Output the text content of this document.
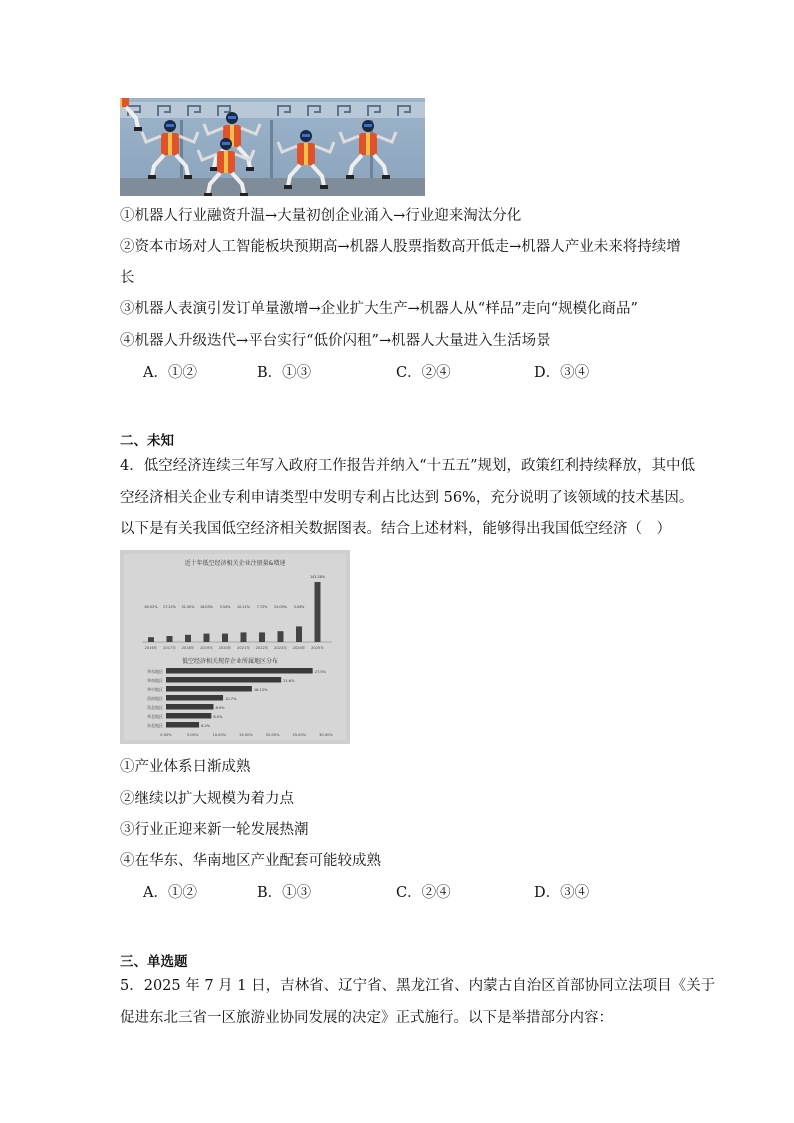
①机器人行业融资升温→大量初创企业涌入→行业迎来淘汰分化
②资本市场对人工智能板块预期高→机器人股票指数高开低走→机器人产业未来将持续增
长
③机器人表演引发订单量激增→企业扩大生产→机器人从“样品”走向“规模化商品”
④机器人升级迭代→平台实行“低价闪租”→机器人大量进入生活场景
A．①②	B．①③	C．②④	D．③④
二、未知
4．低空经济连续三年写入政府工作报告并纳入“十五五”规划，政策红利持续释放，其中低
空经济相关企业专利申请类型中发明专利占比达到 56%，充分说明了该领域的技术基因。
以下是有关我国低空经济相关数据图表。结合上述材料，能够得出我国低空经济（　）
近十年低空经济相关企业注册量&增速
2016年 2017年 2018年 2019年 2020年 2021年 2022年 2023年 2024年 2025年
62.52% 27.22% 31.30% 18.03% 3.54% 10.11% 7.72% 25.05% 3.04%
143.28%
低空经济相关现存企业所属地区分布
华东地区	27.5%
华南地区	21.6%
华中地区	16.12%
西南地区	10.7%
西北地区	8.9%
华北地区	8.5%
东北地区	6.2%
0.00%	5.00%	10.00%	15.00%	20.00%	25.00%	30.00%
①产业体系日渐成熟
②继续以扩大规模为着力点
③行业正迎来新一轮发展热潮
④在华东、华南地区产业配套可能较成熟
A．①②	B．①③	C．②④	D．③④
三、单选题
5．2025 年 7 月 1 日，吉林省、辽宁省、黑龙江省、内蒙古自治区首部协同立法项目《关于
促进东北三省一区旅游业协同发展的决定》正式施行。以下是举措部分内容：
